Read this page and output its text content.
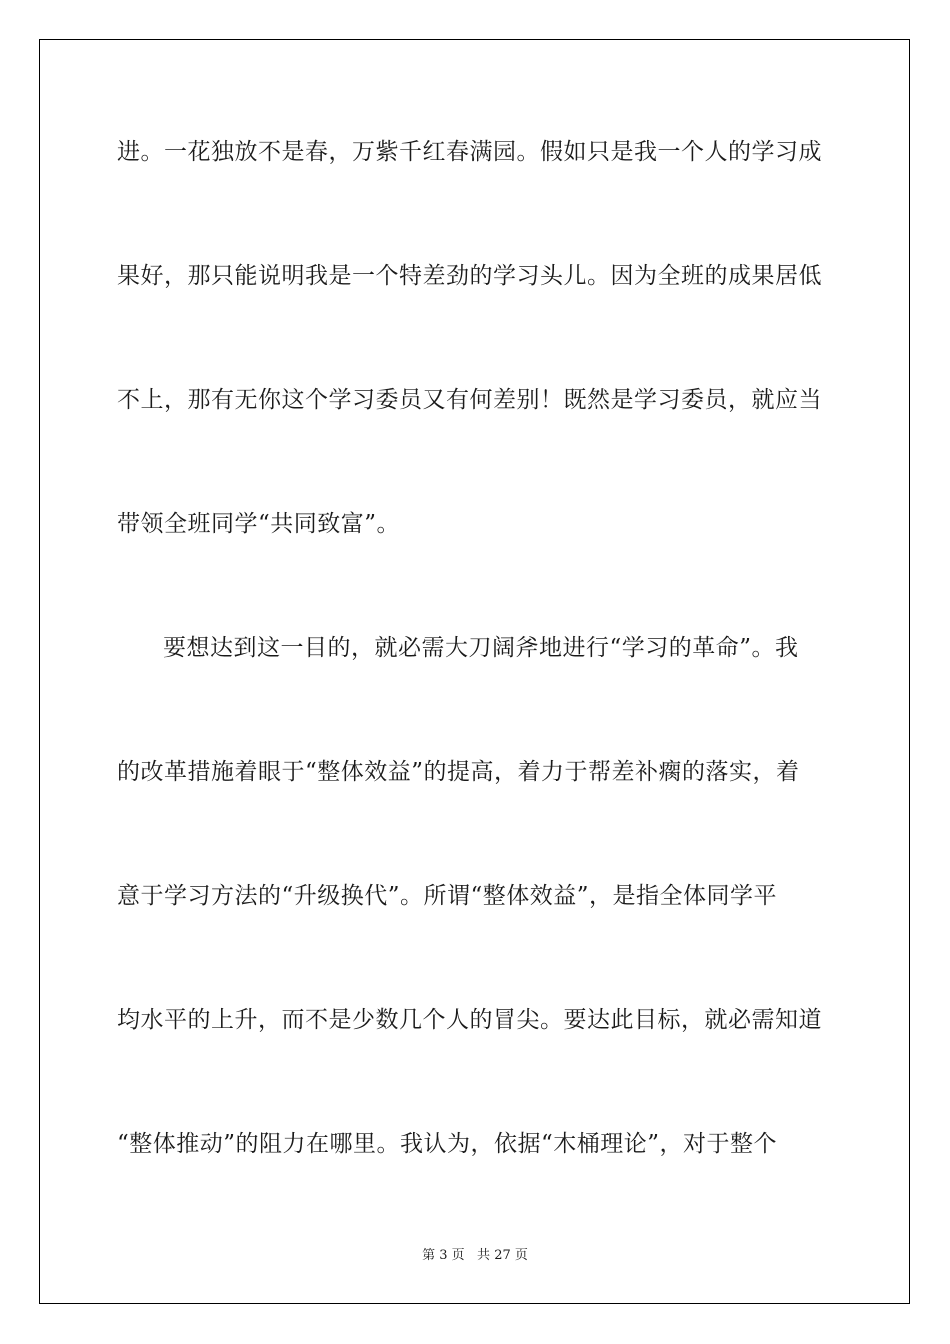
进。一花独放不是春，万紫千红春满园。假如只是我一个人的学习成
果好，那只能说明我是一个特差劲的学习头儿。因为全班的成果居低
不上，那有无你这个学习委员又有何差别！既然是学习委员，就应当
带领全班同学“共同致富”。
要想达到这一目的，就必需大刀阔斧地进行“学习的革命”。我
的改革措施着眼于“整体效益”的提高，着力于帮差补瘸的落实，着
意于学习方法的“升级换代”。所谓“整体效益”，是指全体同学平
均水平的上升，而不是少数几个人的冒尖。要达此目标，就必需知道
“整体推动”的阻力在哪里。我认为，依据“木桶理论”，对于整个
第 3 页   共 27 页
